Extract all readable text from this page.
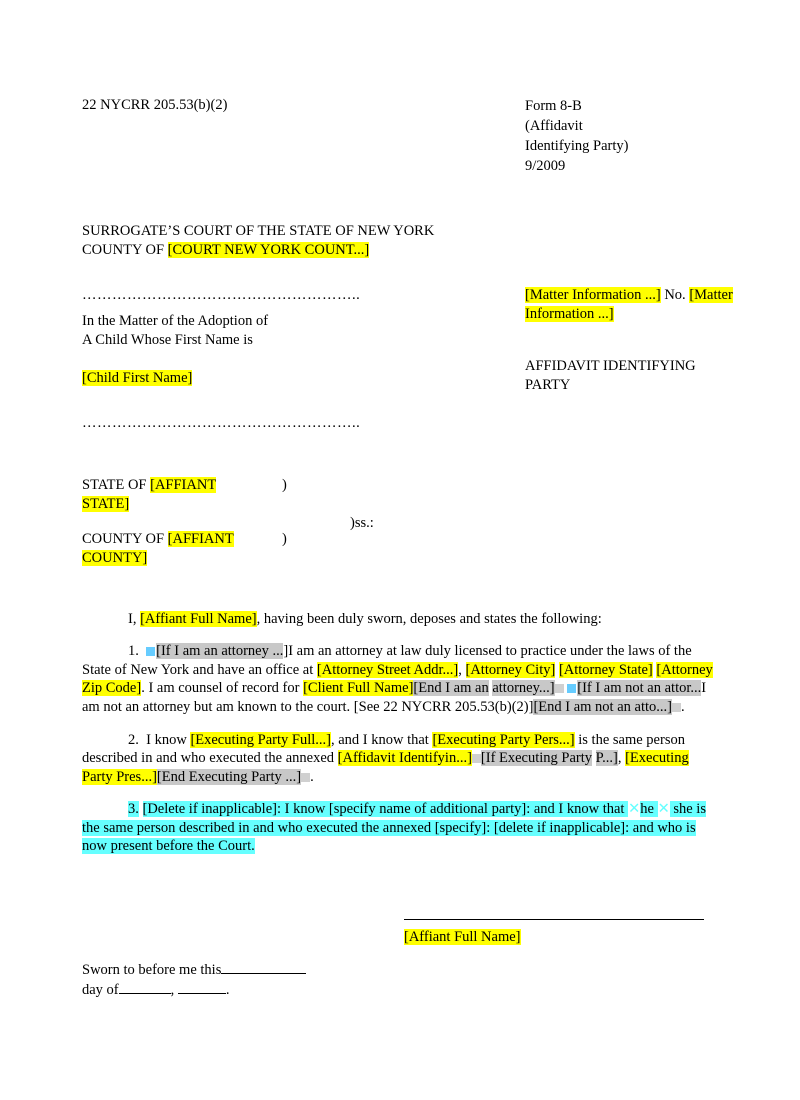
22 NYCRR 205.53(b)(2)	Form 8-B
(Affidavit
Identifying Party)
9/2009
SURROGATE’S COURT OF THE STATE OF NEW YORK
COUNTY OF [COURT NEW YORK COUNT...]
………………………………………………..
In the Matter of the Adoption of
A Child Whose First Name is
[Child First Name]
………………………………………………..
[Matter Information ...] No. [Matter Information ...]
AFFIDAVIT IDENTIFYING
PARTY
STATE OF [AFFIANT	)
STATE]
)ss.:
COUNTY OF [AFFIANT	)
COUNTY]
I, [Affiant Full Name], having been duly sworn, deposes and states the following:
1. [If I am an attorney ...]I am an attorney at law duly licensed to practice under the laws of the State of New York and have an office at [Attorney Street Addr...], [Attorney City] [Attorney State] [Attorney Zip Code]. I am counsel of record for [Client Full Name][End I am an attorney...] [If I am not an attor...I am not an attorney but am known to the court. [See 22 NYCRR 205.53(b)(2)][End I am not an atto...] .
2. I know [Executing Party Full...], and I know that [Executing Party Pers...] is the same person described in and who executed the annexed [Affidavit Identifyin...] [If Executing Party P...], [Executing Party Pres...][End Executing Party ...] .
3. [Delete if inapplicable]: I know [specify name of additional party]: and I know that ✕he ✕ she is the same person described in and who executed the annexed [specify]: [delete if inapplicable]: and who is now present before the Court.
[Affiant Full Name]
Sworn to before me this
day of	,	.
